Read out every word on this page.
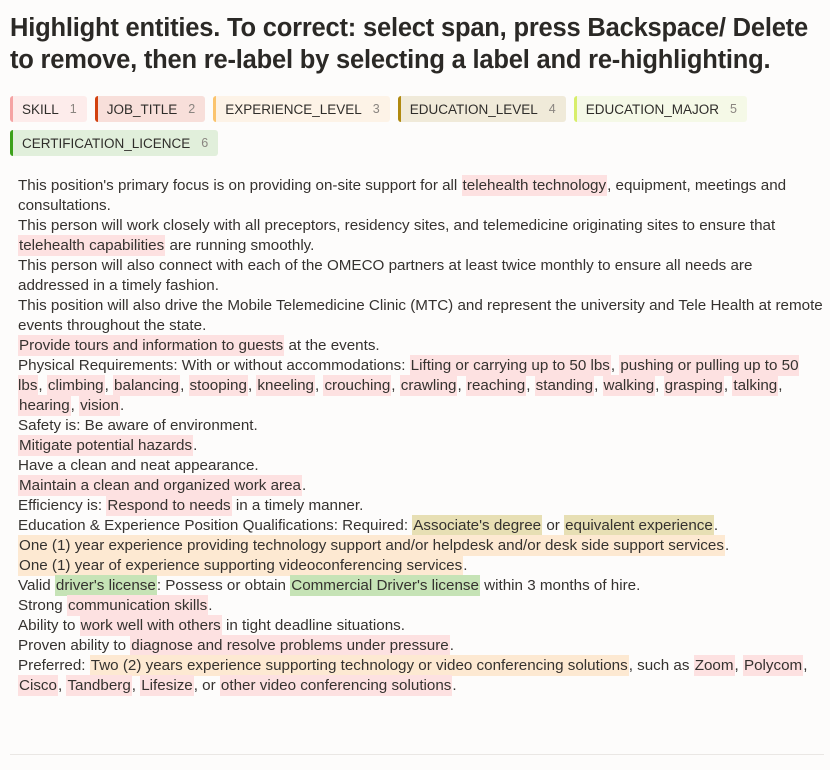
Highlight entities. To correct: select span, press Backspace/ Delete to remove, then re-label by selecting a label and re-highlighting.
SKILL 1 JOB_TITLE 2 EXPERIENCE_LEVEL 3 EDUCATION_LEVEL 4 EDUCATION_MAJOR 5
CERTIFICATION_LICENCE 6
This position's primary focus is on providing on-site support for all telehealth technology, equipment, meetings and consultations.
This person will work closely with all preceptors, residency sites, and telemedicine originating sites to ensure that telehealth capabilities are running smoothly.
This person will also connect with each of the OMECO partners at least twice monthly to ensure all needs are addressed in a timely fashion.
This position will also drive the Mobile Telemedicine Clinic (MTC) and represent the university and Tele Health at remote events throughout the state.
Provide tours and information to guests at the events.
Physical Requirements: With or without accommodations: Lifting or carrying up to 50 lbs, pushing or pulling up to 50 lbs, climbing, balancing, stooping, kneeling, crouching, crawling, reaching, standing, walking, grasping, talking, hearing, vision.
Safety is: Be aware of environment.
Mitigate potential hazards.
Have a clean and neat appearance.
Maintain a clean and organized work area.
Efficiency is: Respond to needs in a timely manner.
Education & Experience Position Qualifications: Required: Associate's degree or equivalent experience.
One (1) year experience providing technology support and/or helpdesk and/or desk side support services.
One (1) year of experience supporting videoconferencing services.
Valid driver's license: Possess or obtain Commercial Driver's license within 3 months of hire.
Strong communication skills.
Ability to work well with others in tight deadline situations.
Proven ability to diagnose and resolve problems under pressure.
Preferred: Two (2) years experience supporting technology or video conferencing solutions, such as Zoom, Polycom, Cisco, Tandberg, Lifesize, or other video conferencing solutions.
